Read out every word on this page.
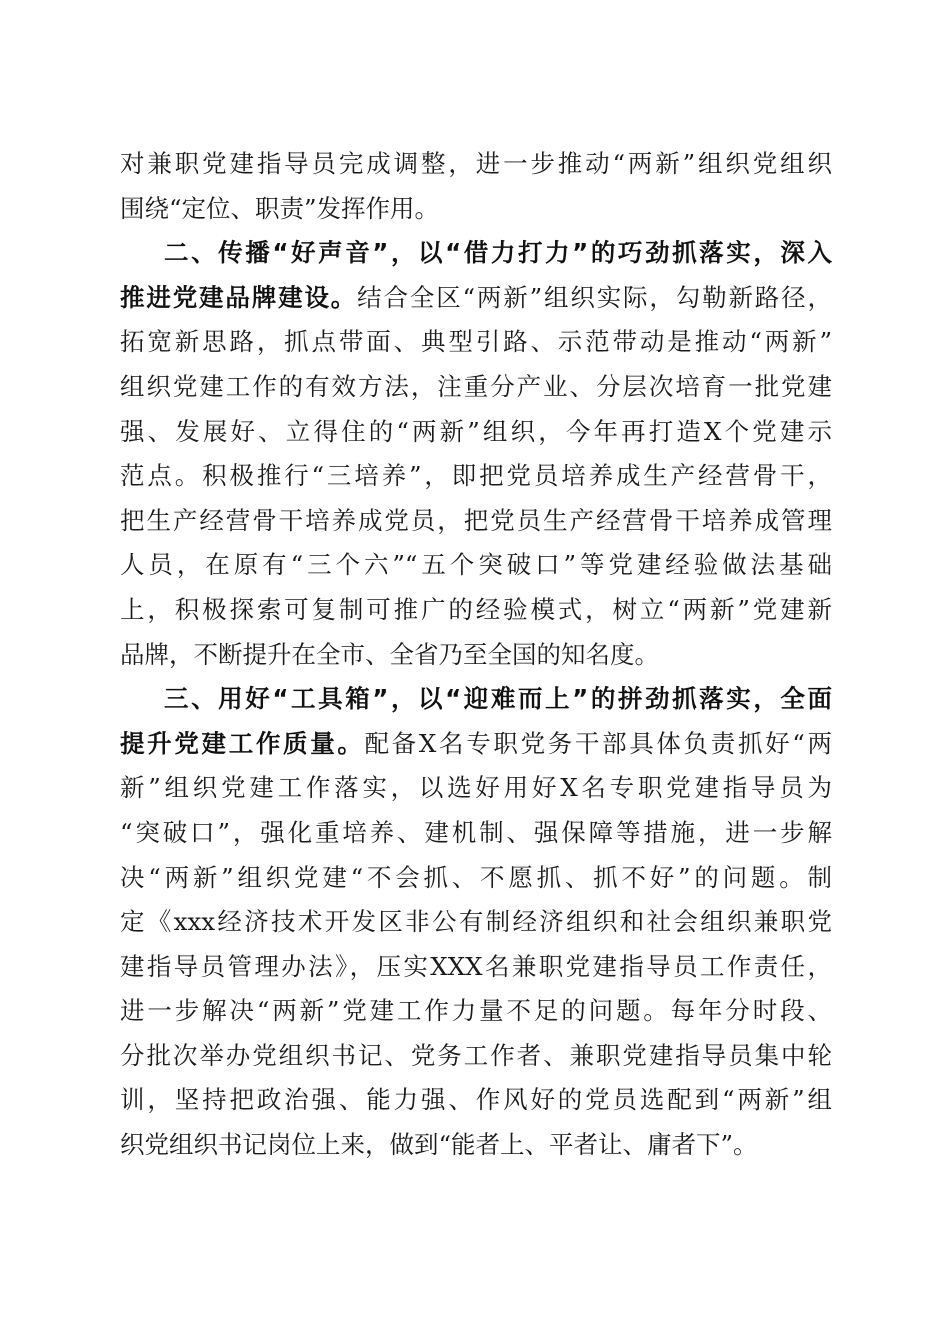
对兼职党建指导员完成调整，进一步推动“两新”组织党组织
围绕“定位、职责”发挥作用。
二、传播“好声音”，以“借力打力”的巧劲抓落实，深入
推进党建品牌建设。结合全区“两新”组织实际，勾勒新路径，
拓宽新思路，抓点带面、典型引路、示范带动是推动“两新”
组织党建工作的有效方法，注重分产业、分层次培育一批党建
强、发展好、立得住的“两新”组织，今年再打造X个党建示
范点。积极推行“三培养”，即把党员培养成生产经营骨干，
把生产经营骨干培养成党员，把党员生产经营骨干培养成管理
人员，在原有“三个六”“五个突破口”等党建经验做法基础
上，积极探索可复制可推广的经验模式，树立“两新”党建新
品牌，不断提升在全市、全省乃至全国的知名度。
三、用好“工具箱”，以“迎难而上”的拼劲抓落实，全面
提升党建工作质量。配备X名专职党务干部具体负责抓好“两
新”组织党建工作落实，以选好用好X名专职党建指导员为
“突破口”，强化重培养、建机制、强保障等措施，进一步解
决“两新”组织党建“不会抓、不愿抓、抓不好”的问题。制
定《xxx经济技术开发区非公有制经济组织和社会组织兼职党
建指导员管理办法》，压实XXX名兼职党建指导员工作责任，
进一步解决“两新”党建工作力量不足的问题。每年分时段、
分批次举办党组织书记、党务工作者、兼职党建指导员集中轮
训，坚持把政治强、能力强、作风好的党员选配到“两新”组
织党组织书记岗位上来，做到“能者上、平者让、庸者下”。
